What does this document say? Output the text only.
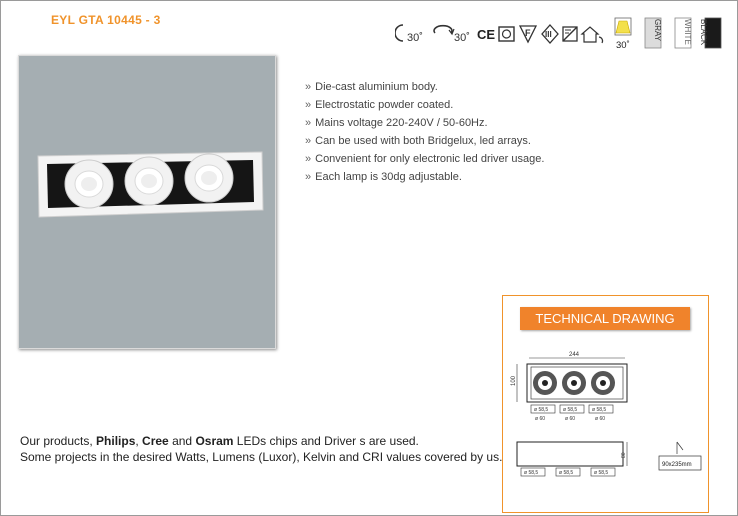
EYL GTA 10445 - 3
30˚	30˚ CE	F III
30˚
GRAY	WHITE BLACK
» Die-cast aluminium body.
» Electrostatic powder coated.
» Mains voltage 220-240V / 50-60Hz.
» Can be used with both Bridgelux, led arrays.
» Convenient for only electronic led driver usage.
» Each lamp is 30dg adjustable.
Our products, Philips, Cree and Osram LEDs chips and Driver s are used.
Some projects in the desired Watts, Lumens (Luxor), Kelvin and CRI values covered by us.
TECHNICAL DRAWING
244
100
ø 58,5	ø 58,5	ø 58,5
ø 60	ø 60	ø 60
80
ø 58,5	ø 58,5	ø 58,5
90x235mm
